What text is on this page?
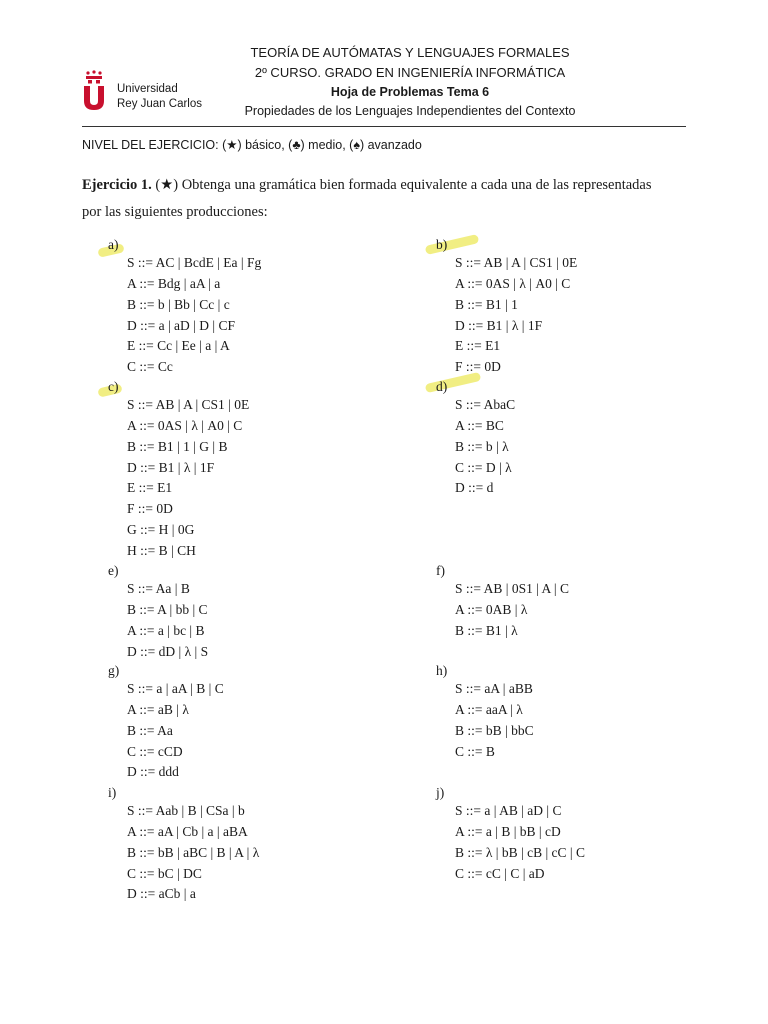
Universidad
Rey Juan Carlos
TEORÍA DE AUTÓMATAS Y LENGUAJES FORMALES
2º CURSO. GRADO EN INGENIERÍA INFORMÁTICA
Hoja de Problemas Tema 6
Propiedades de los Lenguajes Independientes del Contexto
NIVEL DEL EJERCICIO: (★) básico, (♣) medio, (♠) avanzado
Ejercicio 1. (★) Obtenga una gramática bien formada equivalente a cada una de las representadas
por las siguientes producciones:
a)
S ::= AC | BcdE | Ea | Fg
A ::= Bdg | aA | a
B ::= b | Bb | Cc | c
D ::= a | aD | D | CF
E ::= Cc | Ee | a | A
C ::= Cc
b)
S ::= AB | A | CS1 | 0E
A ::= 0AS | λ | A0 | C
B ::= B1 | 1
D ::= B1 | λ | 1F
E ::= E1
F ::= 0D
c)
S ::= AB | A | CS1 | 0E
A ::= 0AS | λ | A0 | C
B ::= B1 | 1 | G | B
D ::= B1 | λ | 1F
E ::= E1
F ::= 0D
G ::= H | 0G
H ::= B | CH
d)
S ::= AbaC
A ::= BC
B ::= b | λ
C ::= D | λ
D ::= d
e)
S ::= Aa | B
B ::= A | bb | C
A ::= a | bc | B
D ::= dD | λ | S
f)
S ::= AB | 0S1 | A | C
A ::= 0AB | λ
B ::= B1 | λ
g)
S ::= a | aA | B | C
A ::= aB | λ
B ::= Aa
C ::= cCD
D ::= ddd
h)
S ::= aA | aBB
A ::= aaA | λ
B ::= bB | bbC
C ::= B
i)
S ::= Aab | B | CSa | b
A ::= aA | Cb | a | aBA
B ::= bB | aBC | B | A | λ
C ::= bC | DC
D ::= aCb | a
j)
S ::= a | AB | aD | C
A ::= a | B | bB | cD
B ::= λ | bB | cB | cC | C
C ::= cC | C | aD
